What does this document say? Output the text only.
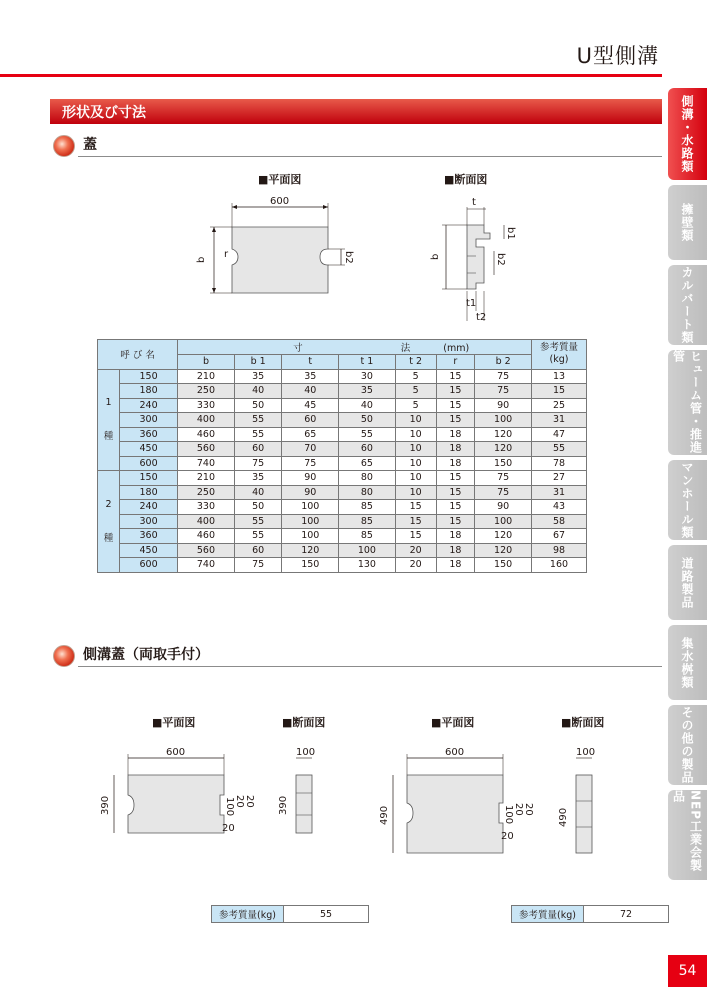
U型側溝
形状及び寸法
蓋
■平面図	■断面図
600
b r	b2
t
b1
b2
b
t1
t2
呼 び 名		寸 法 (mm)							参考質量
(kg)
		b	b 1	t	t 1	t 2	r	b 2	

1
種	150	210	35	35	30	5	15	75	13
	180	250	40	40	35	5	15	75	15
	240	330	50	45	40	5	15	90	25
	300	400	55	60	50	10	15	100	31
	360	460	55	65	55	10	18	120	47
	450	560	60	70	60	10	18	120	55
	600	740	75	75	65	10	18	150	78

2
種	150	210	35	90	80	10	15	75	27
	180	250	40	90	80	10	15	75	31
	240	330	50	100	85	15	15	90	43
	300	400	55	100	85	15	15	100	58
	360	460	55	100	85	15	18	120	67
	450	560	60	120	100	20	18	120	98
	600	740	75	150	130	20	18	150	160
側溝蓋（両取手付）
■平面図	■断面図	■平面図	■断面図
600
390	100 20 20
20
100
390
600
490	100 20 20
20
100
490
参考質量(kg)	55	参考質量(kg)	72
側溝・水路類
擁壁類
カルバート類
ヒューム管・推進管
マンホール類
道路製品
集水桝類
その他の製品
NEP工業会製品
54
